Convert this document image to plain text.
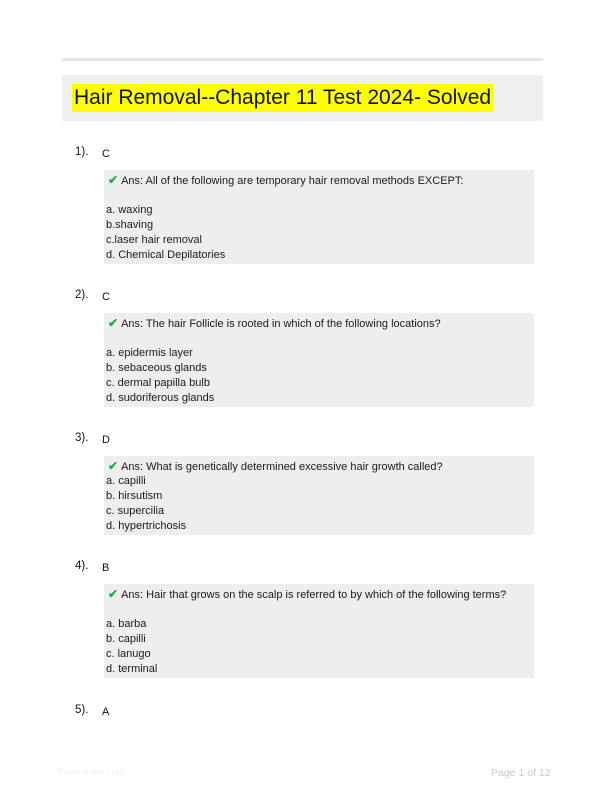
Hair Removal--Chapter 11 Test 2024- Solved
1). C
✔ Ans: All of the following are temporary hair removal methods EXCEPT:
a. waxing
b.shaving
c.laser hair removal
d. Chemical Depilatories
2). C
✔ Ans: The hair Follicle is rooted in which of the following locations?
a. epidermis layer
b. sebaceous glands
c. dermal papilla bulb
d. sudoriferous glands
3). D
✔ Ans: What is genetically determined excessive hair growth called?
a. capilli
b. hirsutism
c. supercilia
d. hypertrichosis
4). B
✔ Ans: Hair that grows on the scalp is referred to by which of the following terms?
a. barba
b. capilli
c. lanugo
d. terminal
5). A
Paperbiddr.com	Page 1 of 12
